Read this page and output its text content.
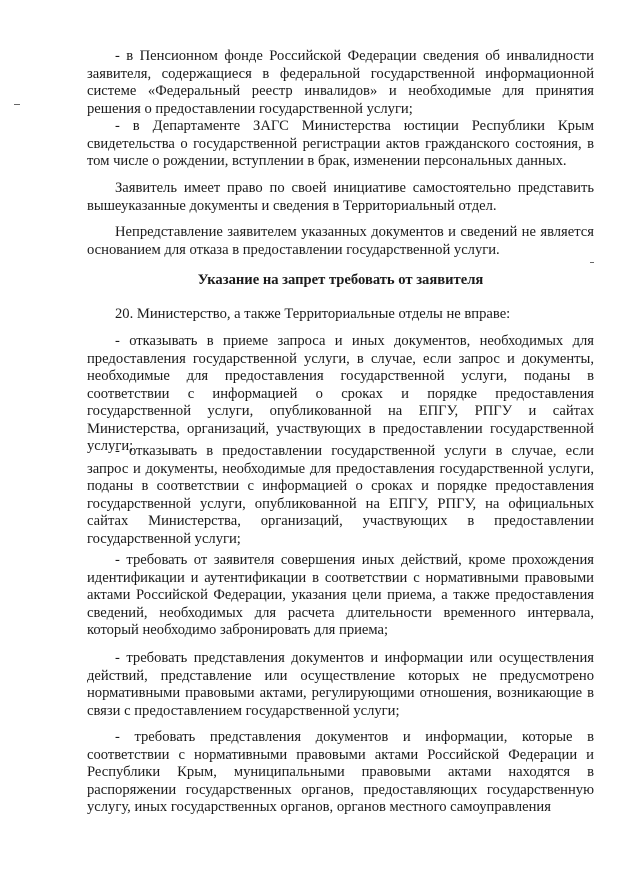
- в Пенсионном фонде Российской Федерации сведения об инвалидности заявителя, содержащиеся в федеральной государственной информационной системе «Федеральный реестр инвалидов» и необходимые для принятия решения о предоставлении государственной услуги;

- в Департаменте ЗАГС Министерства юстиции Республики Крым свидетельства о государственной регистрации актов гражданского состояния, в том числе о рождении, вступлении в брак, изменении персональных данных.

Заявитель имеет право по своей инициативе самостоятельно представить вышеуказанные документы и сведения в Территориальный отдел.

Непредставление заявителем указанных документов и сведений не является основанием для отказа в предоставлении государственной услуги.

Указание на запрет требовать от заявителя

20. Министерство, а также Территориальные отделы не вправе:

- отказывать в приеме запроса и иных документов, необходимых для предоставления государственной услуги, в случае, если запрос и документы, необходимые для предоставления государственной услуги, поданы в соответствии с информацией о сроках и порядке предоставления государственной услуги, опубликованной на ЕПГУ, РПГУ и сайтах Министерства, организаций, участвующих в предоставлении государственной услуги;

- отказывать в предоставлении государственной услуги в случае, если запрос и документы, необходимые для предоставления государственной услуги, поданы в соответствии с информацией о сроках и порядке предоставления государственной услуги, опубликованной на ЕПГУ, РПГУ, на официальных сайтах Министерства, организаций, участвующих в предоставлении государственной услуги;

- требовать от заявителя совершения иных действий, кроме прохождения идентификации и аутентификации в соответствии с нормативными правовыми актами Российской Федерации, указания цели приема, а также предоставления сведений, необходимых для расчета длительности временного интервала, который необходимо забронировать для приема;

- требовать представления документов и информации или осуществления действий, представление или осуществление которых не предусмотрено нормативными правовыми актами, регулирующими отношения, возникающие в связи с предоставлением государственной услуги;

- требовать представления документов и информации, которые в соответствии с нормативными правовыми актами Российской Федерации и Республики Крым, муниципальными правовыми актами находятся в распоряжении государственных органов, предоставляющих государственную услугу, иных государственных органов, органов местного самоуправления
